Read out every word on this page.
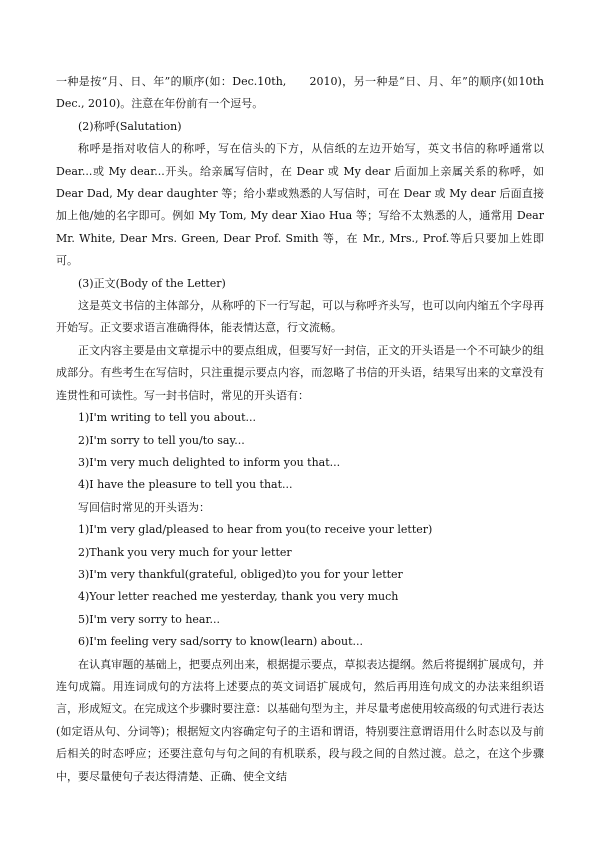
一种是按“月、日、年”的顺序(如：Dec.10th,　　2010)，另一种是“日、月、年”的顺序(如10th Dec., 2010)。注意在年份前有一个逗号。

(2)称呼(Salutation)

称呼是指对收信人的称呼，写在信头的下方，从信纸的左边开始写，英文书信的称呼通常以 Dear...或 My dear...开头。给亲属写信时，在 Dear 或 My dear 后面加上亲属关系的称呼，如 Dear Dad, My dear daughter 等；给小辈或熟悉的人写信时，可在 Dear 或 My dear 后面直接加上他/她的名字即可。例如 My Tom, My dear Xiao Hua 等；写给不太熟悉的人，通常用 Dear Mr. White, Dear Mrs. Green, Dear Prof. Smith 等，在 Mr., Mrs., Prof.等后只要加上姓即可。

(3)正文(Body of the Letter)

这是英文书信的主体部分，从称呼的下一行写起，可以与称呼齐头写，也可以向内缩五个字母再开始写。正文要求语言准确得体，能表情达意，行文流畅。

正文内容主要是由文章提示中的要点组成，但要写好一封信，正文的开头语是一个不可缺少的组成部分。有些考生在写信时，只注重提示要点内容，而忽略了书信的开头语，结果写出来的文章没有连贯性和可读性。写一封书信时，常见的开头语有：

1)I'm writing to tell you about...

2)I'm sorry to tell you/to say...

3)I'm very much delighted to inform you that...

4)I have the pleasure to tell you that...

写回信时常见的开头语为：

1)I'm very glad/pleased to hear from you(to receive your letter)

2)Thank you very much for your letter

3)I'm very thankful(grateful, obliged)to you for your letter

4)Your letter reached me yesterday, thank you very much

5)I'm very sorry to hear...

6)I'm feeling very sad/sorry to know(learn) about...

在认真审题的基础上，把要点列出来，根据提示要点，草拟表达提纲。然后将提纲扩展成句，并连句成篇。用连词成句的方法将上述要点的英文词语扩展成句，然后再用连句成文的办法来组织语言，形成短文。在完成这个步骤时要注意：以基础句型为主，并尽量考虑使用较高级的句式进行表达(如定语从句、分词等)；根据短文内容确定句子的主语和谓语，特别要注意谓语用什么时态以及与前后相关的时态呼应；还要注意句与句之间的有机联系，段与段之间的自然过渡。总之，在这个步骤中，要尽量使句子表达得清楚、正确、使全文结
